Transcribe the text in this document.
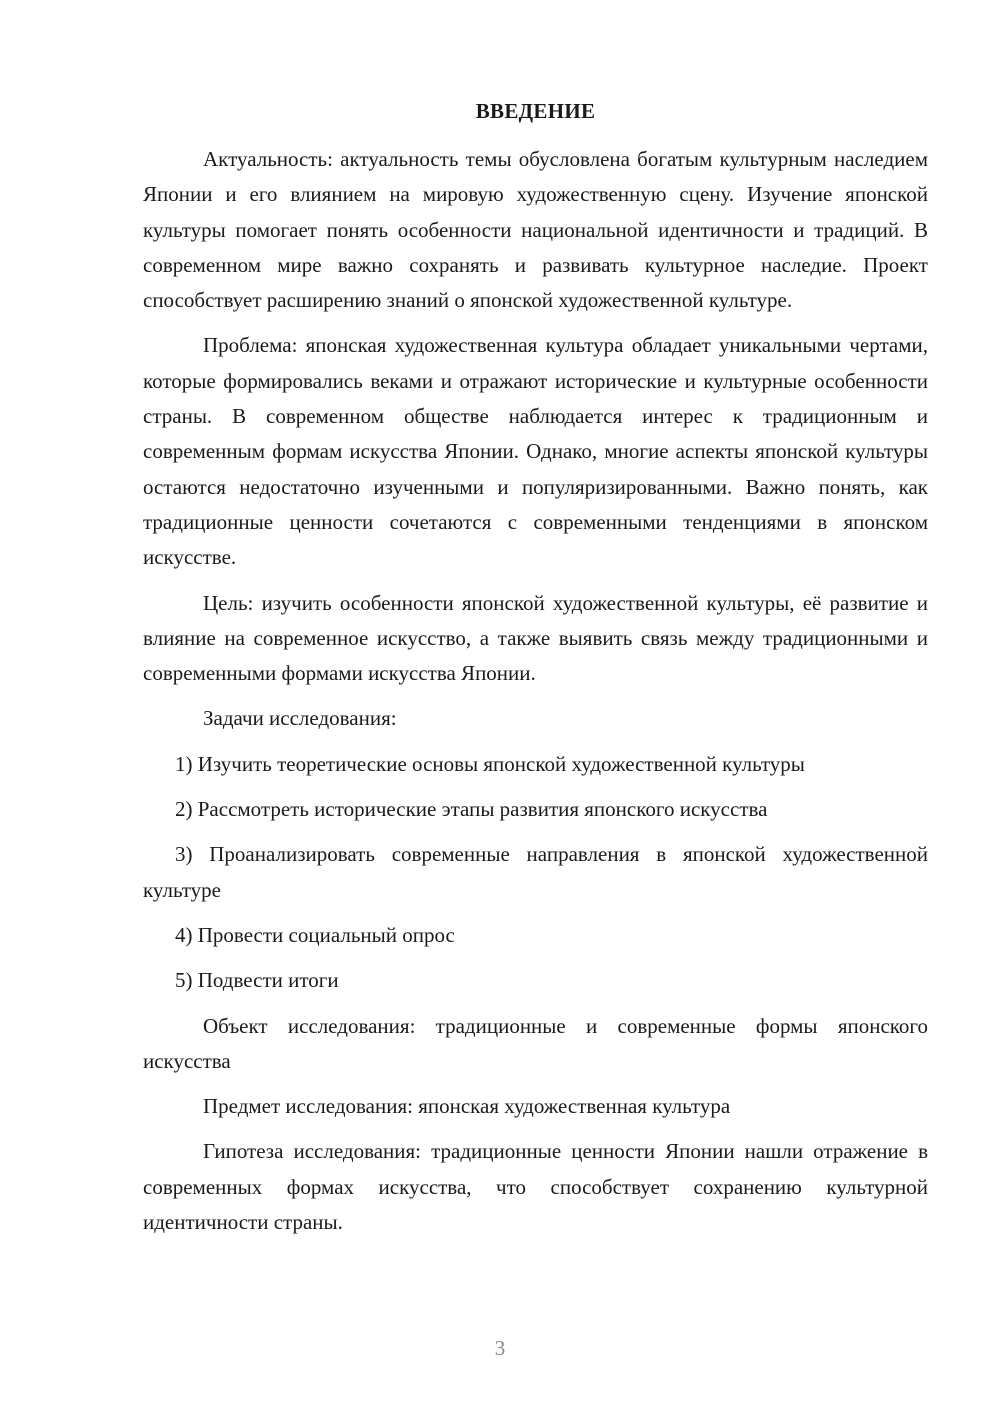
ВВЕДЕНИЕ

Актуальность: актуальность темы обусловлена богатым культурным наследием Японии и его влиянием на мировую художественную сцену. Изучение японской культуры помогает понять особенности национальной идентичности и традиций. В современном мире важно сохранять и развивать культурное наследие. Проект способствует расширению знаний о японской художественной культуре.

Проблема: японская художественная культура обладает уникальными чертами, которые формировались веками и отражают исторические и культурные особенности страны. В современном обществе наблюдается интерес к традиционным и современным формам искусства Японии. Однако, многие аспекты японской культуры остаются недостаточно изученными и популяризированными. Важно понять, как традиционные ценности сочетаются с современными тенденциями в японском искусстве.

Цель: изучить особенности японской художественной культуры, её развитие и влияние на современное искусство, а также выявить связь между традиционными и современными формами искусства Японии.

Задачи исследования:

1) Изучить теоретические основы японской художественной культуры

2) Рассмотреть исторические этапы развития японского искусства

3) Проанализировать современные направления в японской художественной культуре

4) Провести социальный опрос

5) Подвести итоги

Объект исследования: традиционные и современные формы японского искусства

Предмет исследования: японская художественная культура

Гипотеза исследования: традиционные ценности Японии нашли отражение в современных формах искусства, что способствует сохранению культурной идентичности страны.

3
